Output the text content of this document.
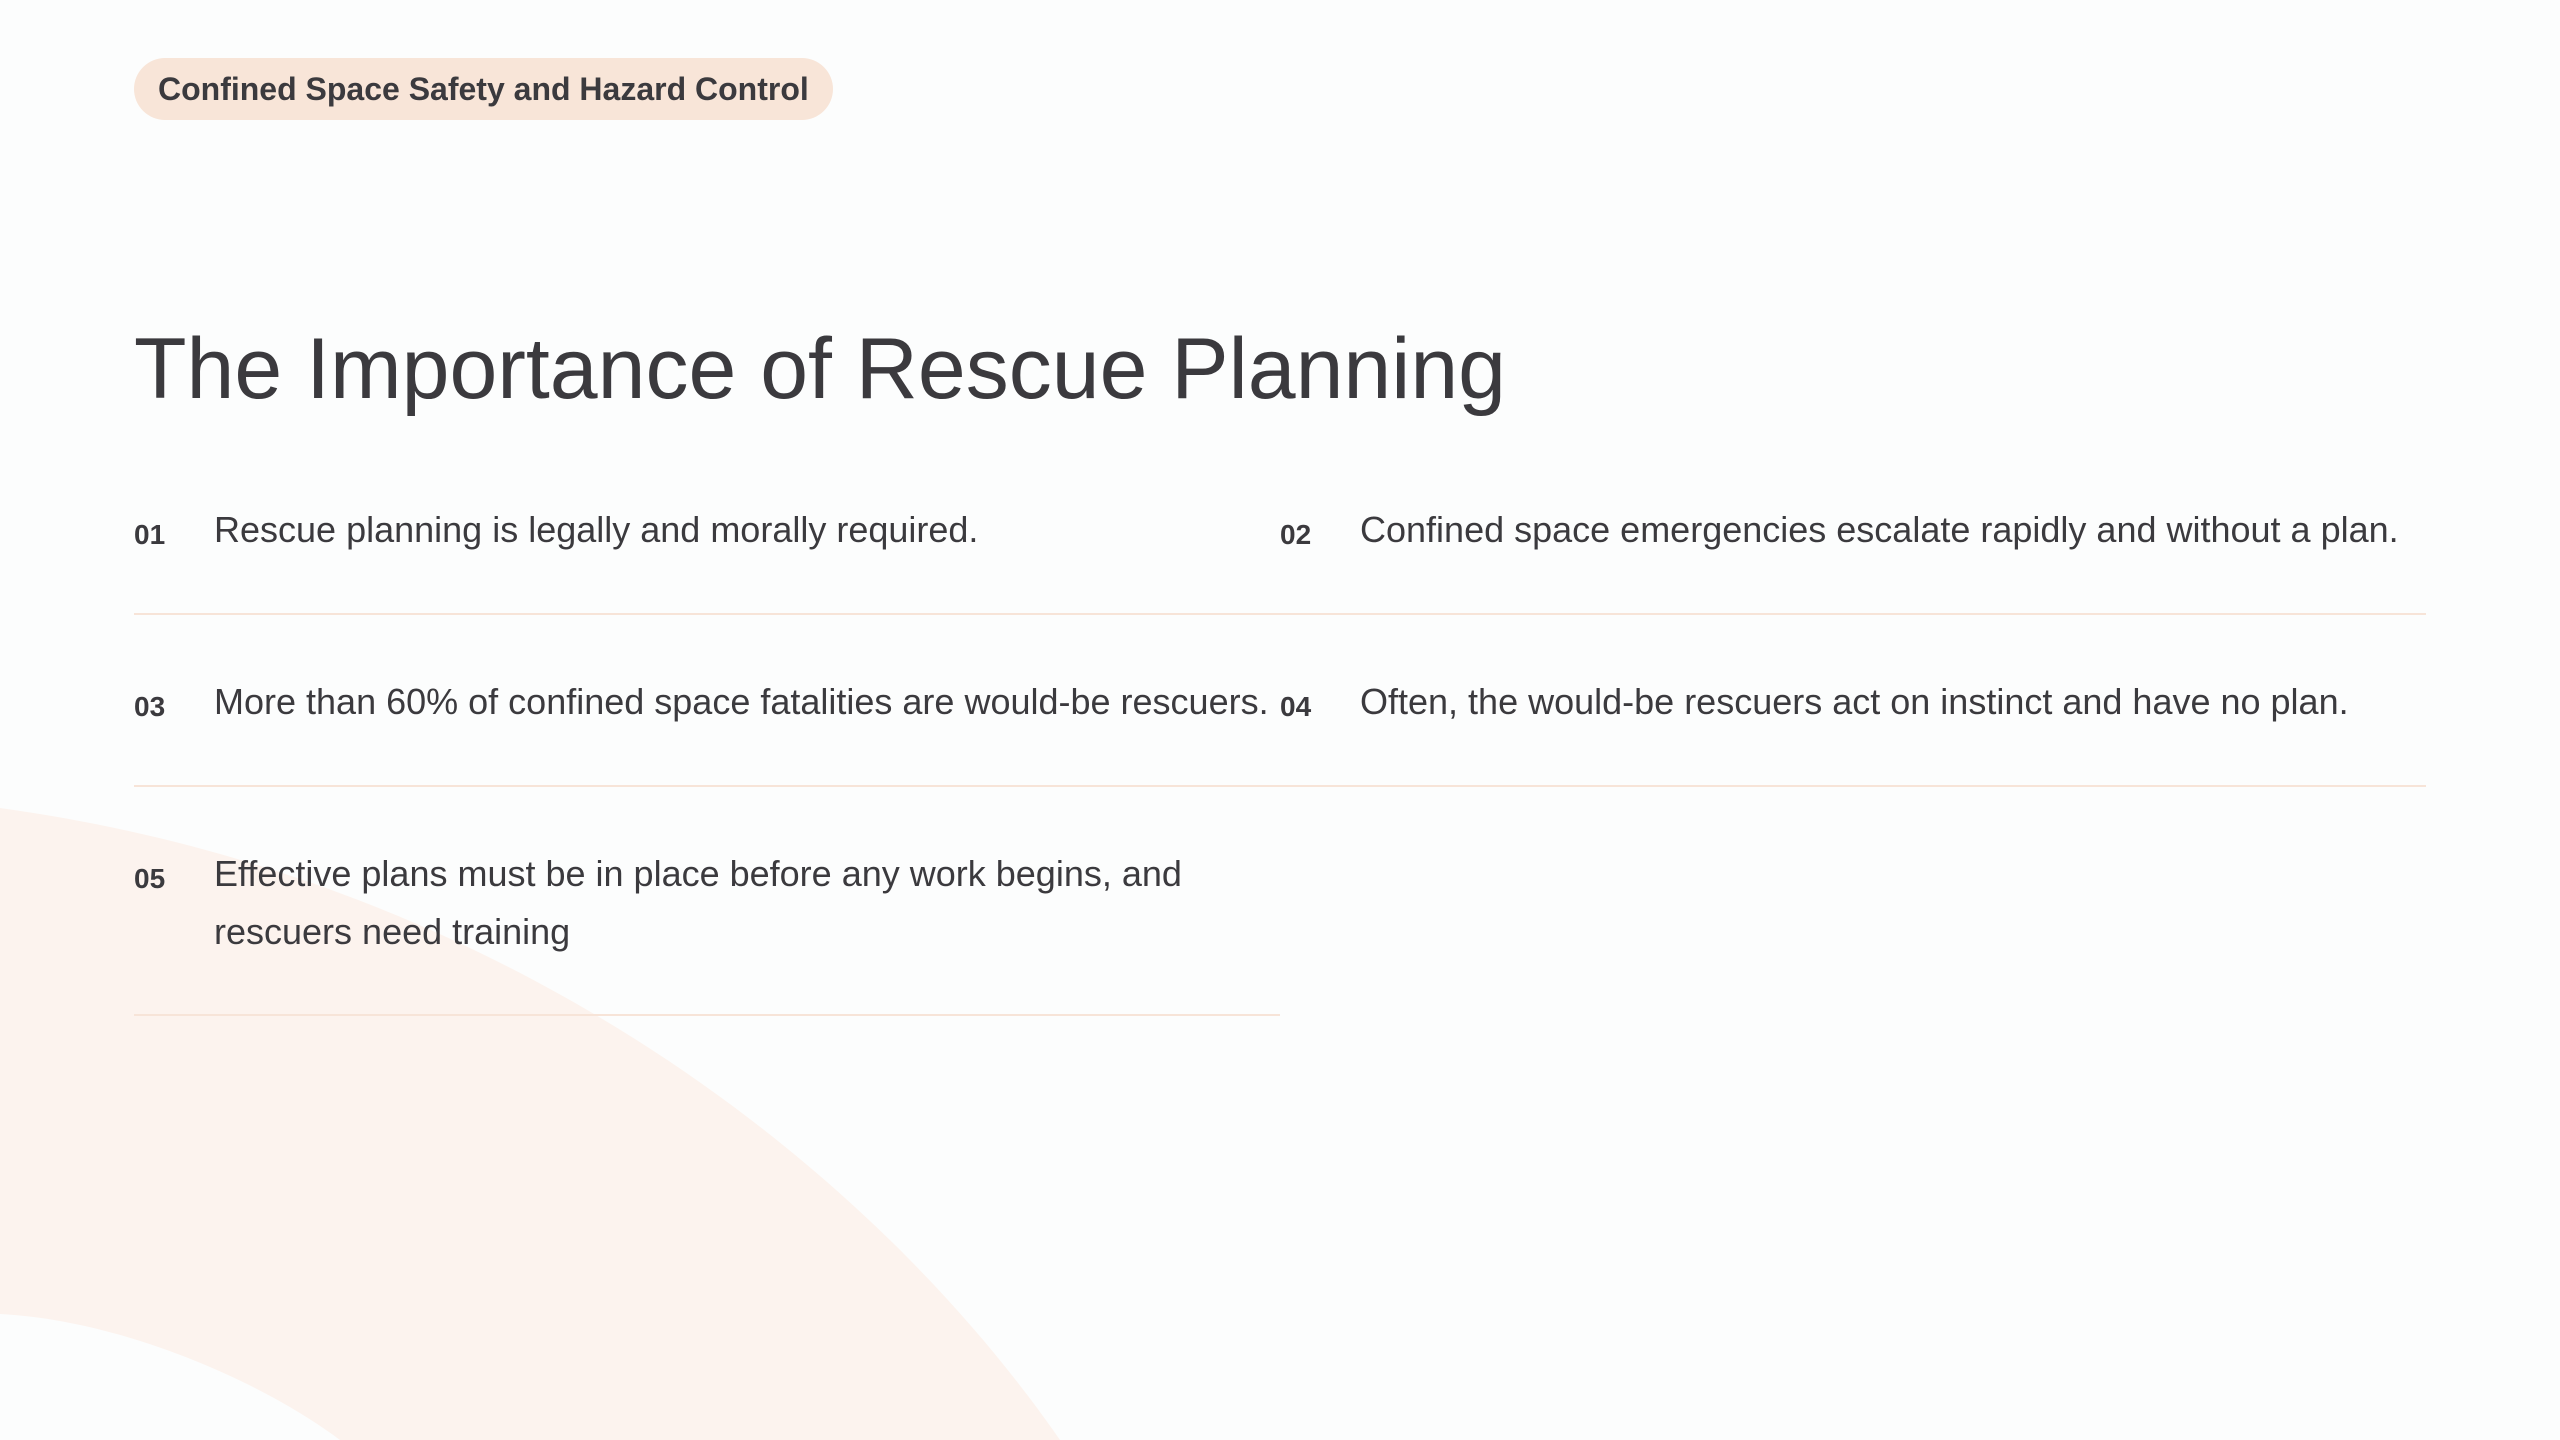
Confined Space Safety and Hazard Control
The Importance of Rescue Planning
01 Rescue planning is legally and morally required.	02 Confined space emergencies escalate rapidly and without a plan.
03 More than 60% of confined space fatalities are would-be rescuers. 04 Often, the would-be rescuers act on instinct and have no plan.
05 Effective plans must be in place before any work begins, and rescuers need training
